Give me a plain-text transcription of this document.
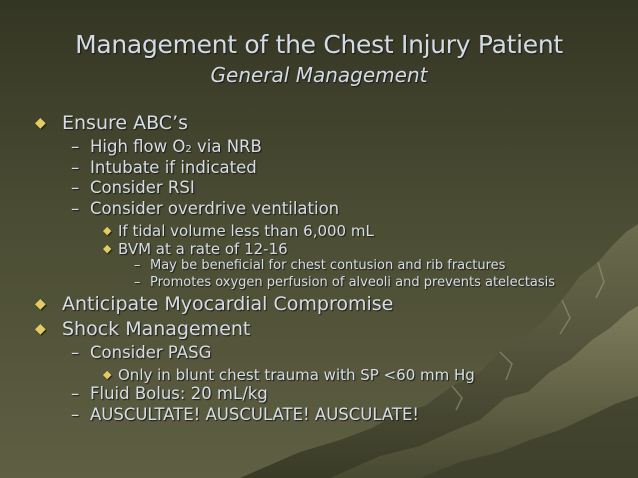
Management of the Chest Injury Patient
General Management
◆ Ensure ABC’s
– High flow O2 via NRB
– Intubate if indicated
– Consider RSI
– Consider overdrive ventilation
◆ If tidal volume less than 6,000 mL
◆ BVM at a rate of 12-16
– May be beneficial for chest contusion and rib fractures
– Promotes oxygen perfusion of alveoli and prevents atelectasis
◆ Anticipate Myocardial Compromise
◆ Shock Management
– Consider PASG
◆ Only in blunt chest trauma with SP <60 mm Hg
– Fluid Bolus: 20 mL/kg
– AUSCULTATE! AUSCULATE! AUSCULATE!
